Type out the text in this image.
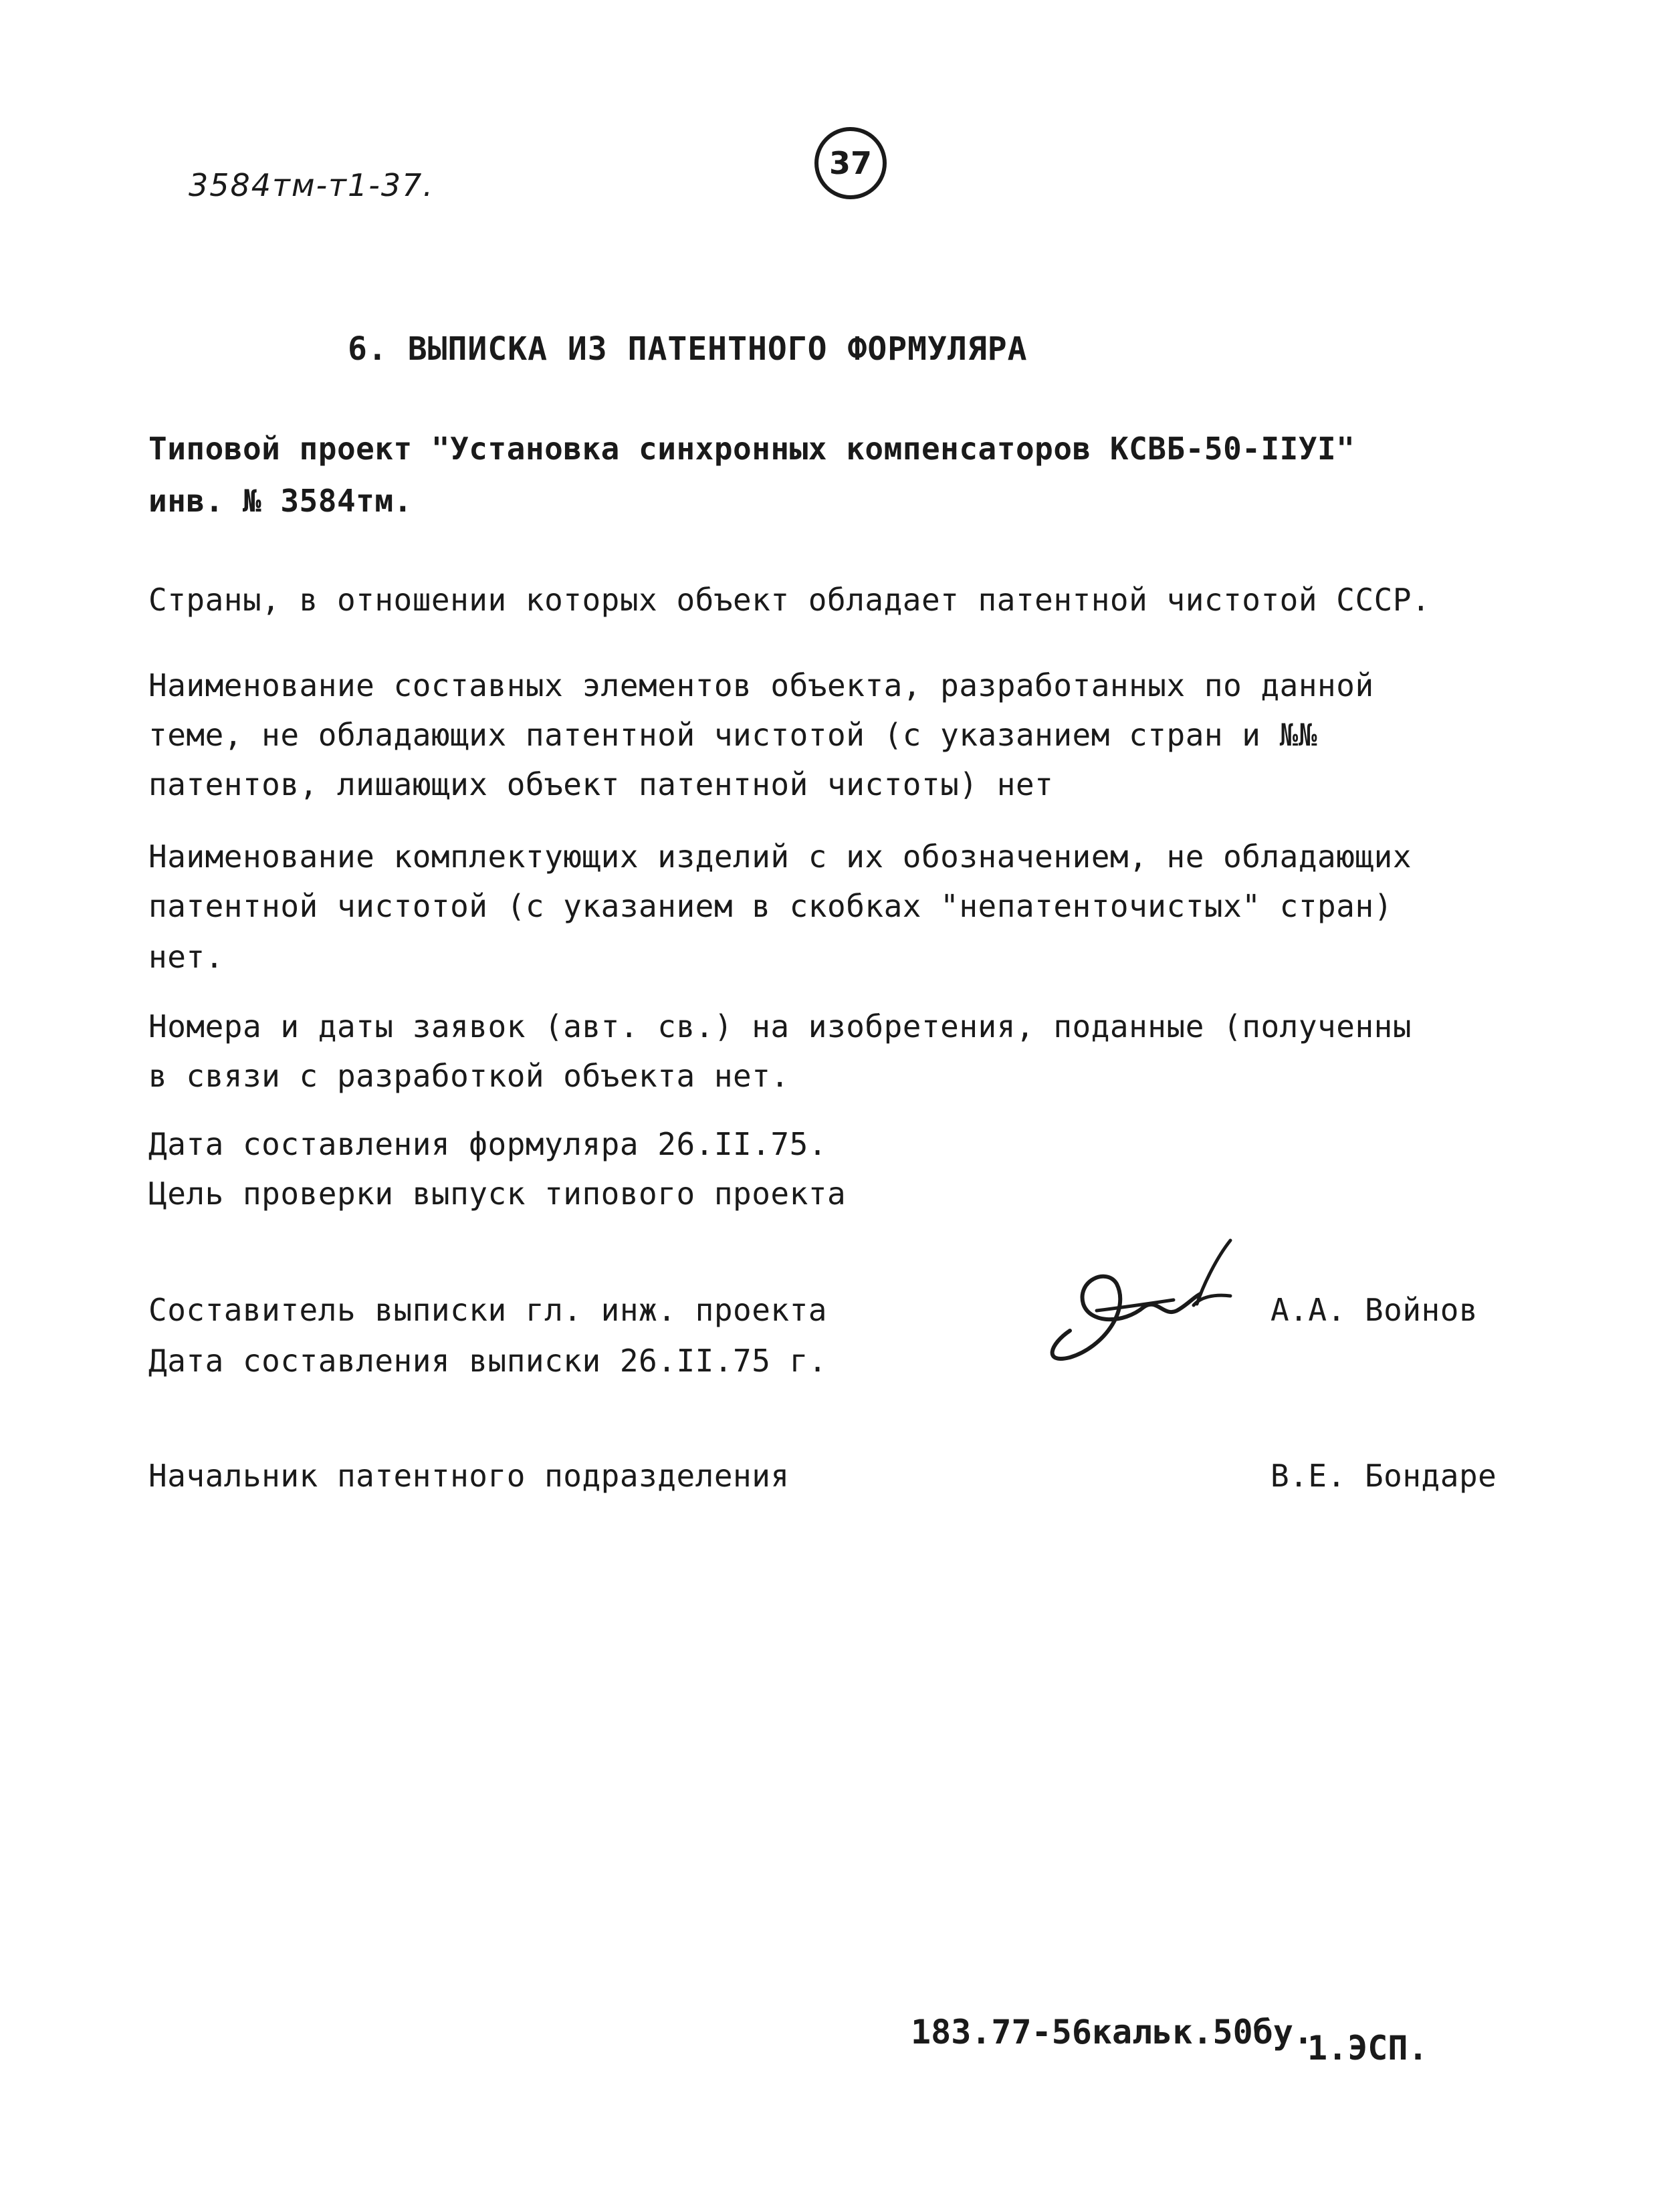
3584тм-т1-37.
37
6. ВЫПИСКА ИЗ ПАТЕНТНОГО ФОРМУЛЯРА
Типовой проект "Установка синхронных компенсаторов КСВБ-50-IIУI"
инв. № 3584тм.
Страны, в отношении которых объект обладает патентной чистотой СССР.
Наименование составных элементов объекта, разработанных по данной
теме, не обладающих патентной чистотой (с указанием стран и №№
патентов, лишающих объект патентной чистоты) нет
Наименование комплектующих изделий с их обозначением, не обладающих
патентной чистотой (с указанием в скобках "непатенточистых" стран)
нет.
Номера и даты заявок (авт. св.) на изобретения, поданные (полученны
в связи с разработкой объекта нет.
Дата составления формуляра 26.II.75.
Цель проверки выпуск типового проекта
Составитель выписки гл. инж. проекта
Дата составления выписки 26.II.75 г.
А.А. Войнов
Начальник патентного подразделения	В.Е. Бондаре
183.77-56кальк.50бу.
1.ЭСП.
